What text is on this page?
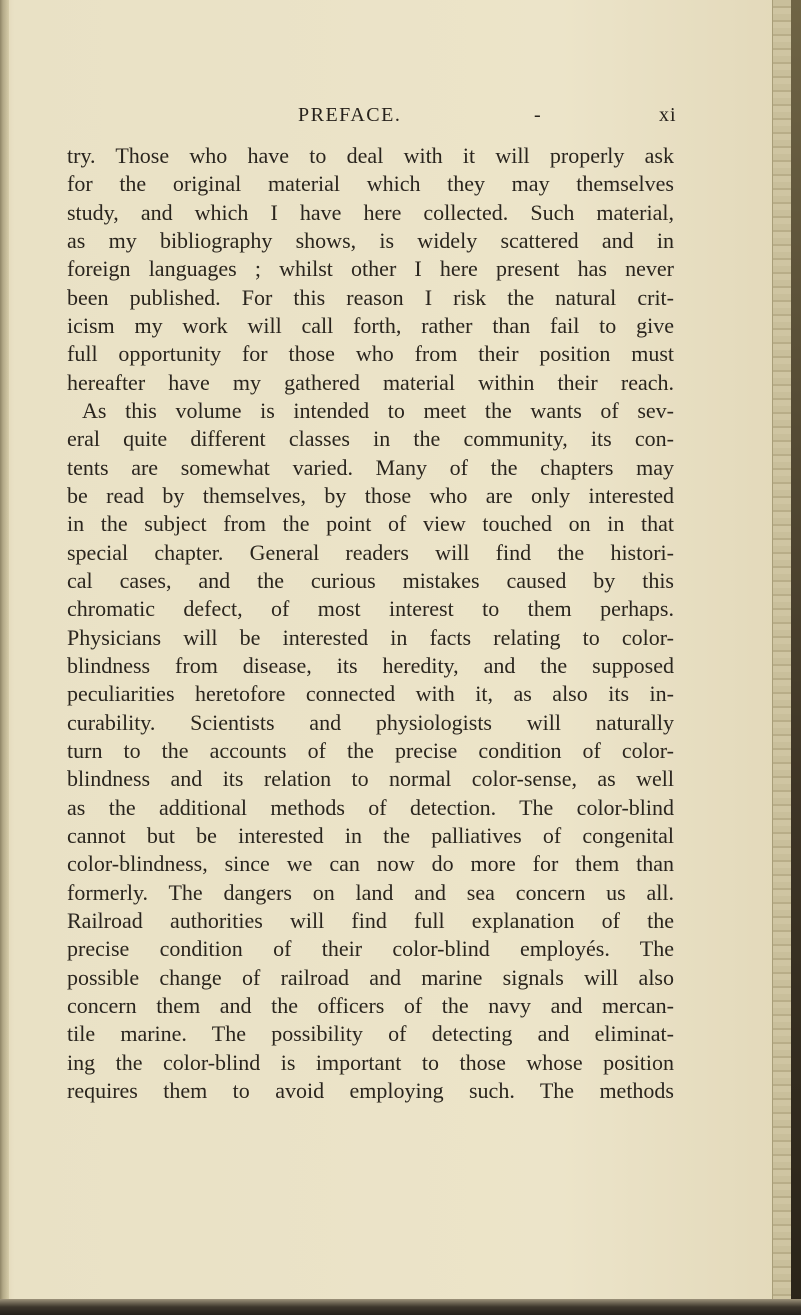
PREFACE.	-	xi
try. Those who have to deal with it will properly ask
for the original material which they may themselves
study, and which I have here collected. Such material,
as my bibliography shows, is widely scattered and in
foreign languages ; whilst other I here present has never
been published. For this reason I risk the natural crit-
icism my work will call forth, rather than fail to give
full opportunity for those who from their position must
hereafter have my gathered material within their reach.
As this volume is intended to meet the wants of sev-
eral quite different classes in the community, its con-
tents are somewhat varied. Many of the chapters may
be read by themselves, by those who are only interested
in the subject from the point of view touched on in that
special chapter. General readers will find the histori-
cal cases, and the curious mistakes caused by this
chromatic defect, of most interest to them perhaps.
Physicians will be interested in facts relating to color-
blindness from disease, its heredity, and the supposed
peculiarities heretofore connected with it, as also its in-
curability. Scientists and physiologists will naturally
turn to the accounts of the precise condition of color-
blindness and its relation to normal color-sense, as well
as the additional methods of detection. The color-blind
cannot but be interested in the palliatives of congenital
color-blindness, since we can now do more for them than
formerly. The dangers on land and sea concern us all.
Railroad authorities will find full explanation of the
precise condition of their color-blind employés. The
possible change of railroad and marine signals will also
concern them and the officers of the navy and mercan-
tile marine. The possibility of detecting and eliminat-
ing the color-blind is important to those whose position
requires them to avoid employing such. The methods
